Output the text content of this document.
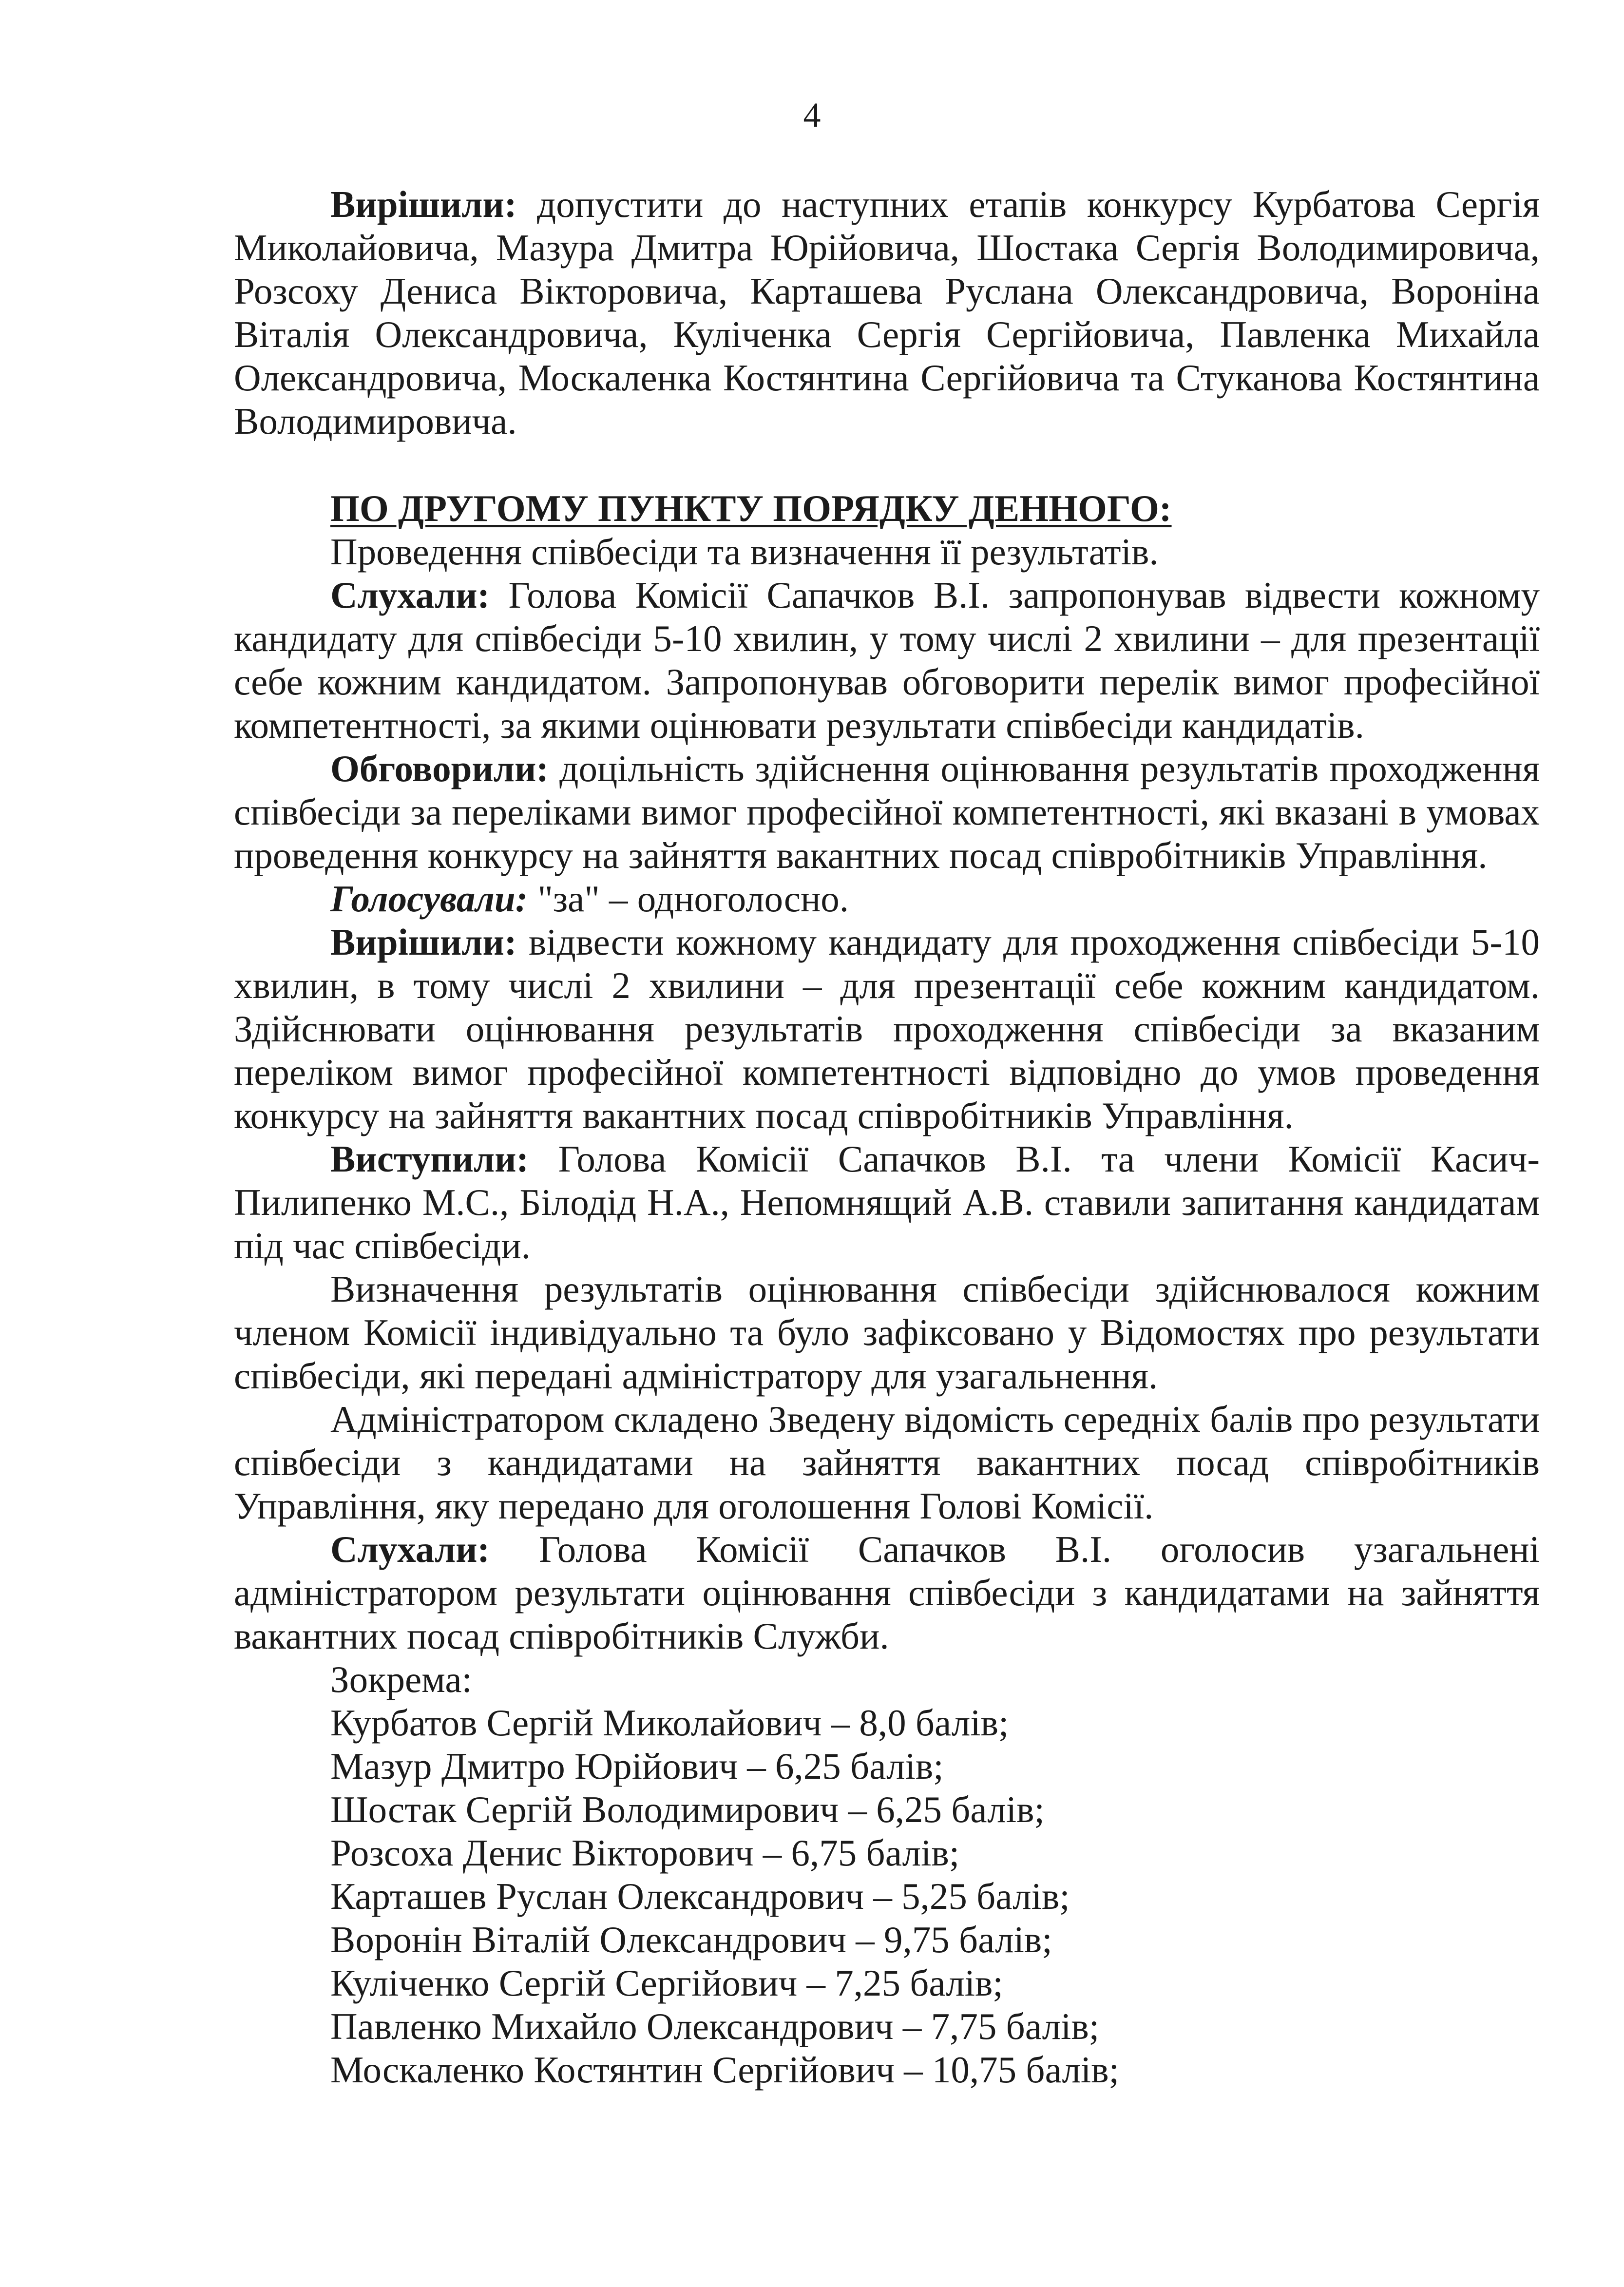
4

Вирішили: допустити до наступних етапів конкурсу Курбатова Сергія Миколайовича, Мазура Дмитра Юрійовича, Шостака Сергія Володимировича, Розсоху Дениса Вікторовича, Карташева Руслана Олександровича, Вороніна Віталія Олександровича, Куліченка Сергія Сергійовича, Павленка Михайла Олександровича, Москаленка Костянтина Сергійовича та Стуканова Костянтина Володимировича.

ПО ДРУГОМУ ПУНКТУ ПОРЯДКУ ДЕННОГО:

Проведення співбесіди та визначення її результатів.

Слухали: Голова Комісії Сапачков В.І. запропонував відвести кожному кандидату для співбесіди 5-10 хвилин, у тому числі 2 хвилини – для презентації себе кожним кандидатом. Запропонував обговорити перелік вимог професійної компетентності, за якими оцінювати результати співбесіди кандидатів.

Обговорили: доцільність здійснення оцінювання результатів проходження співбесіди за переліками вимог професійної компетентності, які вказані в умовах проведення конкурсу на зайняття вакантних посад співробітників Управління.

Голосували: "за" – одноголосно.

Вирішили: відвести кожному кандидату для проходження співбесіди 5-10 хвилин, в тому числі 2 хвилини – для презентації себе кожним кандидатом. Здійснювати оцінювання результатів проходження співбесіди за вказаним переліком вимог професійної компетентності відповідно до умов проведення конкурсу на зайняття вакантних посад співробітників Управління.

Виступили: Голова Комісії Сапачков В.І. та члени Комісії Касич-Пилипенко М.С., Білодід Н.А., Непомнящий А.В. ставили запитання кандидатам під час співбесіди.

Визначення результатів оцінювання співбесіди здійснювалося кожним членом Комісії індивідуально та було зафіксовано у Відомостях про результати співбесіди, які передані адміністратору для узагальнення.

Адміністратором складено Зведену відомість середніх балів про результати співбесіди з кандидатами на зайняття вакантних посад співробітників Управління, яку передано для оголошення Голові Комісії.

Слухали: Голова Комісії Сапачков В.І. оголосив узагальнені адміністратором результати оцінювання співбесіди з кандидатами на зайняття вакантних посад співробітників Служби.

Зокрема:

Курбатов Сергій Миколайович – 8,0 балів;
Мазур Дмитро Юрійович – 6,25 балів;
Шостак Сергій Володимирович – 6,25 балів;
Розсоха Денис Вікторович – 6,75 балів;
Карташев Руслан Олександрович – 5,25 балів;
Воронін Віталій Олександрович – 9,75 балів;
Куліченко Сергій Сергійович – 7,25 балів;
Павленко Михайло Олександрович – 7,75 балів;
Москаленко Костянтин Сергійович – 10,75 балів;
